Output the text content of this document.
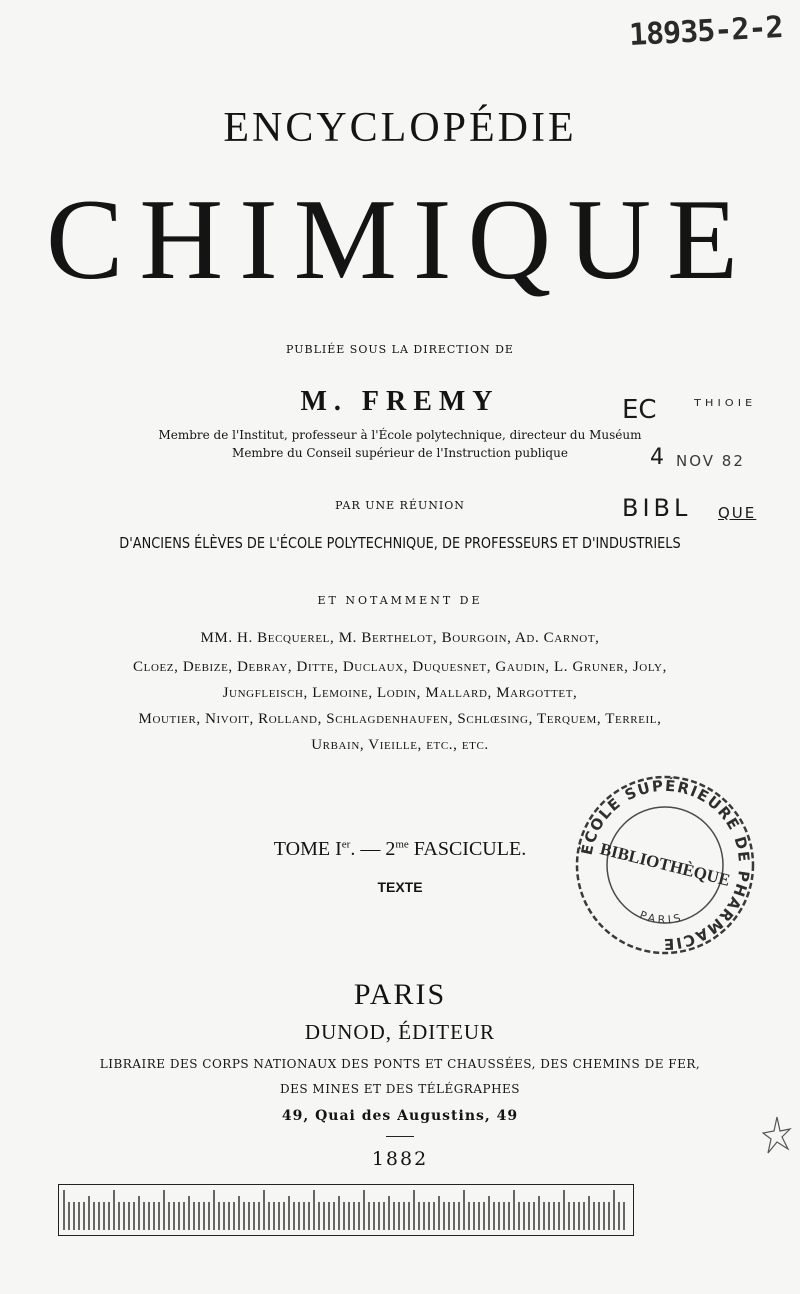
ENCYCLOPÉDIE
CHIMIQUE
PUBLIÉE SOUS LA DIRECTION DE
M. FREMY
Membre de l'Institut, professeur à l'École polytechnique, directeur du Muséum
Membre du Conseil supérieur de l'Instruction publique
PAR UNE RÉUNION
D'ANCIENS ÉLÈVES DE L'ÉCOLE POLYTECHNIQUE, DE PROFESSEURS ET D'INDUSTRIELS
ET NOTAMMENT DE
MM. H. Becquerel, M. Berthelot, Bourgoin, Ad. Carnot,
Cloez, Debize, Debray, Ditte, Duclaux, Duquesnet, Gaudin, L. Gruner, Joly,
Jungfleisch, Lemoine, Lodin, Mallard, Margottet,
Moutier, Nivoit, Rolland, Schlagdenhaufen, Schlœsing, Terquem, Terreil,
Urbain, Vieille, etc., etc.
TOME Ier. — $2^{me}$ FASCICULE.
TEXTE
PARIS
DUNOD, ÉDITEUR
LIBRAIRE DES CORPS NATIONAUX DES PONTS ET CHAUSSÉES, DES CHEMINS DE FER,
DES MINES ET DES TÉLÉGRAPHES
49, Quai des Augustins, 49
1882
18935-2-2
EC ᵀᴴᴵᴼᴵᴱ
4 NOV 82
BIBL QUE
ÉCOLE SUPÉRIEURE DE PHARMACIE
BIBLIOTHÈQUE
PARIS
